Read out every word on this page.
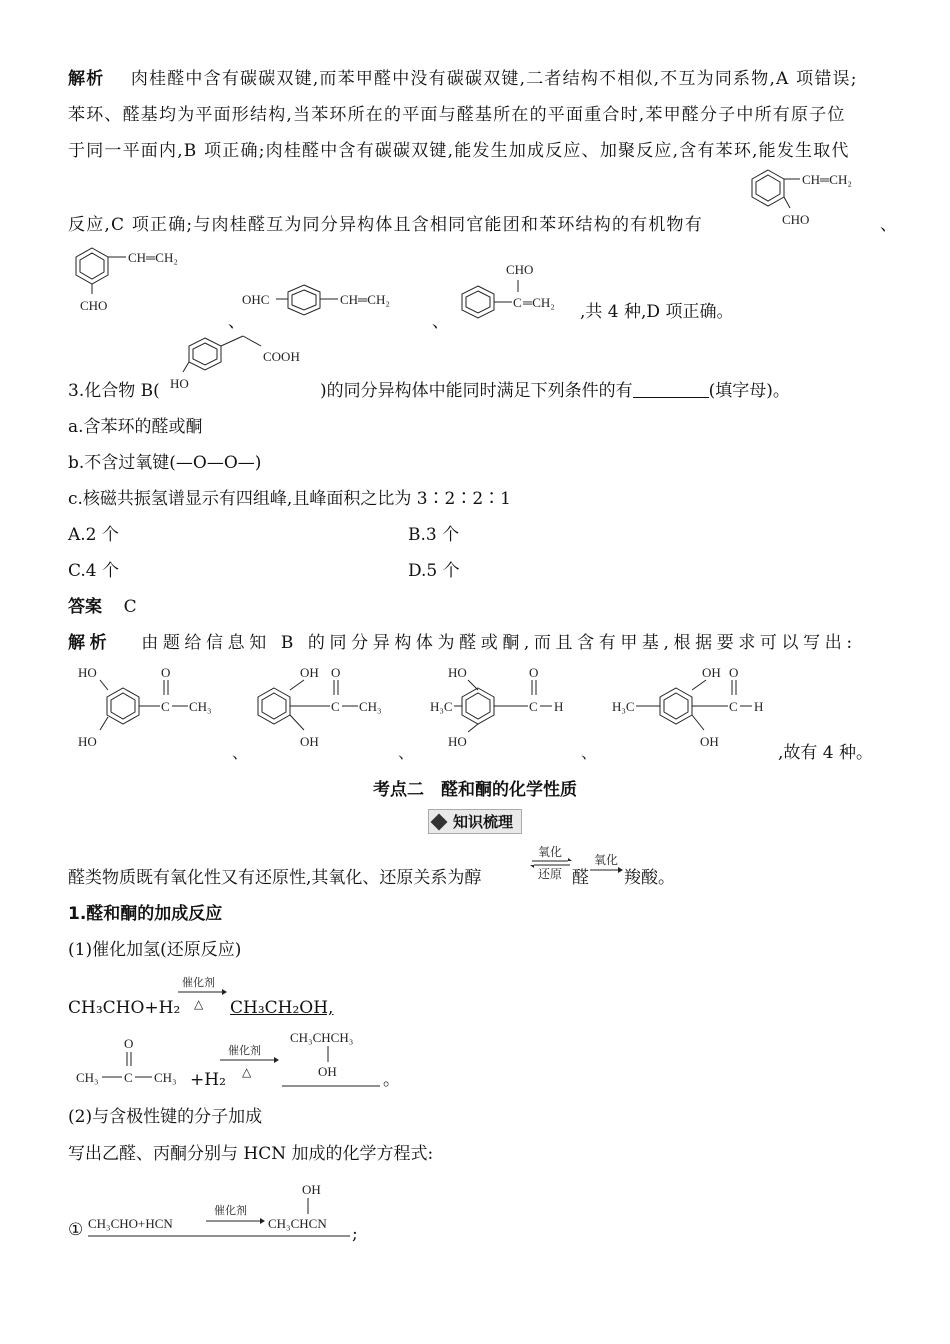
解析 肉桂醛中含有碳碳双键,而苯甲醛中没有碳碳双键,二者结构不相似,不互为同系物,A 项错误;
苯环、醛基均为平面形结构,当苯环所在的平面与醛基所在的平面重合时,苯甲醛分子中所有原子位
于同一平面内,B 项正确;肉桂醛中含有碳碳双键,能发生加成反应、加聚反应,含有苯环,能发生取代
CH═CH₂
CHO
反应,C 项正确;与肉桂醛互为同分异构体且含相同官能团和苯环结构的有机物有	、
CH═CH₂
CHO
、
OHC	CH═CH₂
、
C ═CH₂
CHO
,共 4 种,D 项正确。
COOH
HO
3.化合物 B(	)的同分异构体中能同时满足下列条件的有	(填字母)。
a.含苯环的醛或酮
b.不含过氧键(—O—O—)
c.核磁共振氢谱显示有四组峰,且峰面积之比为 3∶2∶2∶1
A.2 个	B.3 个
C.4 个	D.5 个
答案 C
解析 由题给信息知 B 的同分异构体为醛或酮,而且含有甲基,根据要求可以写出:
HO
C
O
CH₃
HO
、
OH
C
O
CH₃
OH
、
HO
H₃C	C
O
H
HO
、
OH
H₃C	C
O
H
OH
,故有 4 种。
考点二　醛和酮的化学性质
知识梳理
醛类物质既有氧化性又有还原性,其氧化、还原关系为醇
氧化
还原 醛
氧化
羧酸。
1.醛和酮的加成反应
(1)催化加氢(还原反应)
CH₃CHO+H₂
催化剂
△ CH₃CH₂OH,
O
CH₃ C CH₃
催化剂
△
CH₃CHCH₃
OH
+H₂	。
(2)与含极性键的分子加成
写出乙醛、丙酮分别与 HCN 加成的化学方程式:
① CH₃CHO+HCN
催化剂
OH
CH₃CHCN
;
